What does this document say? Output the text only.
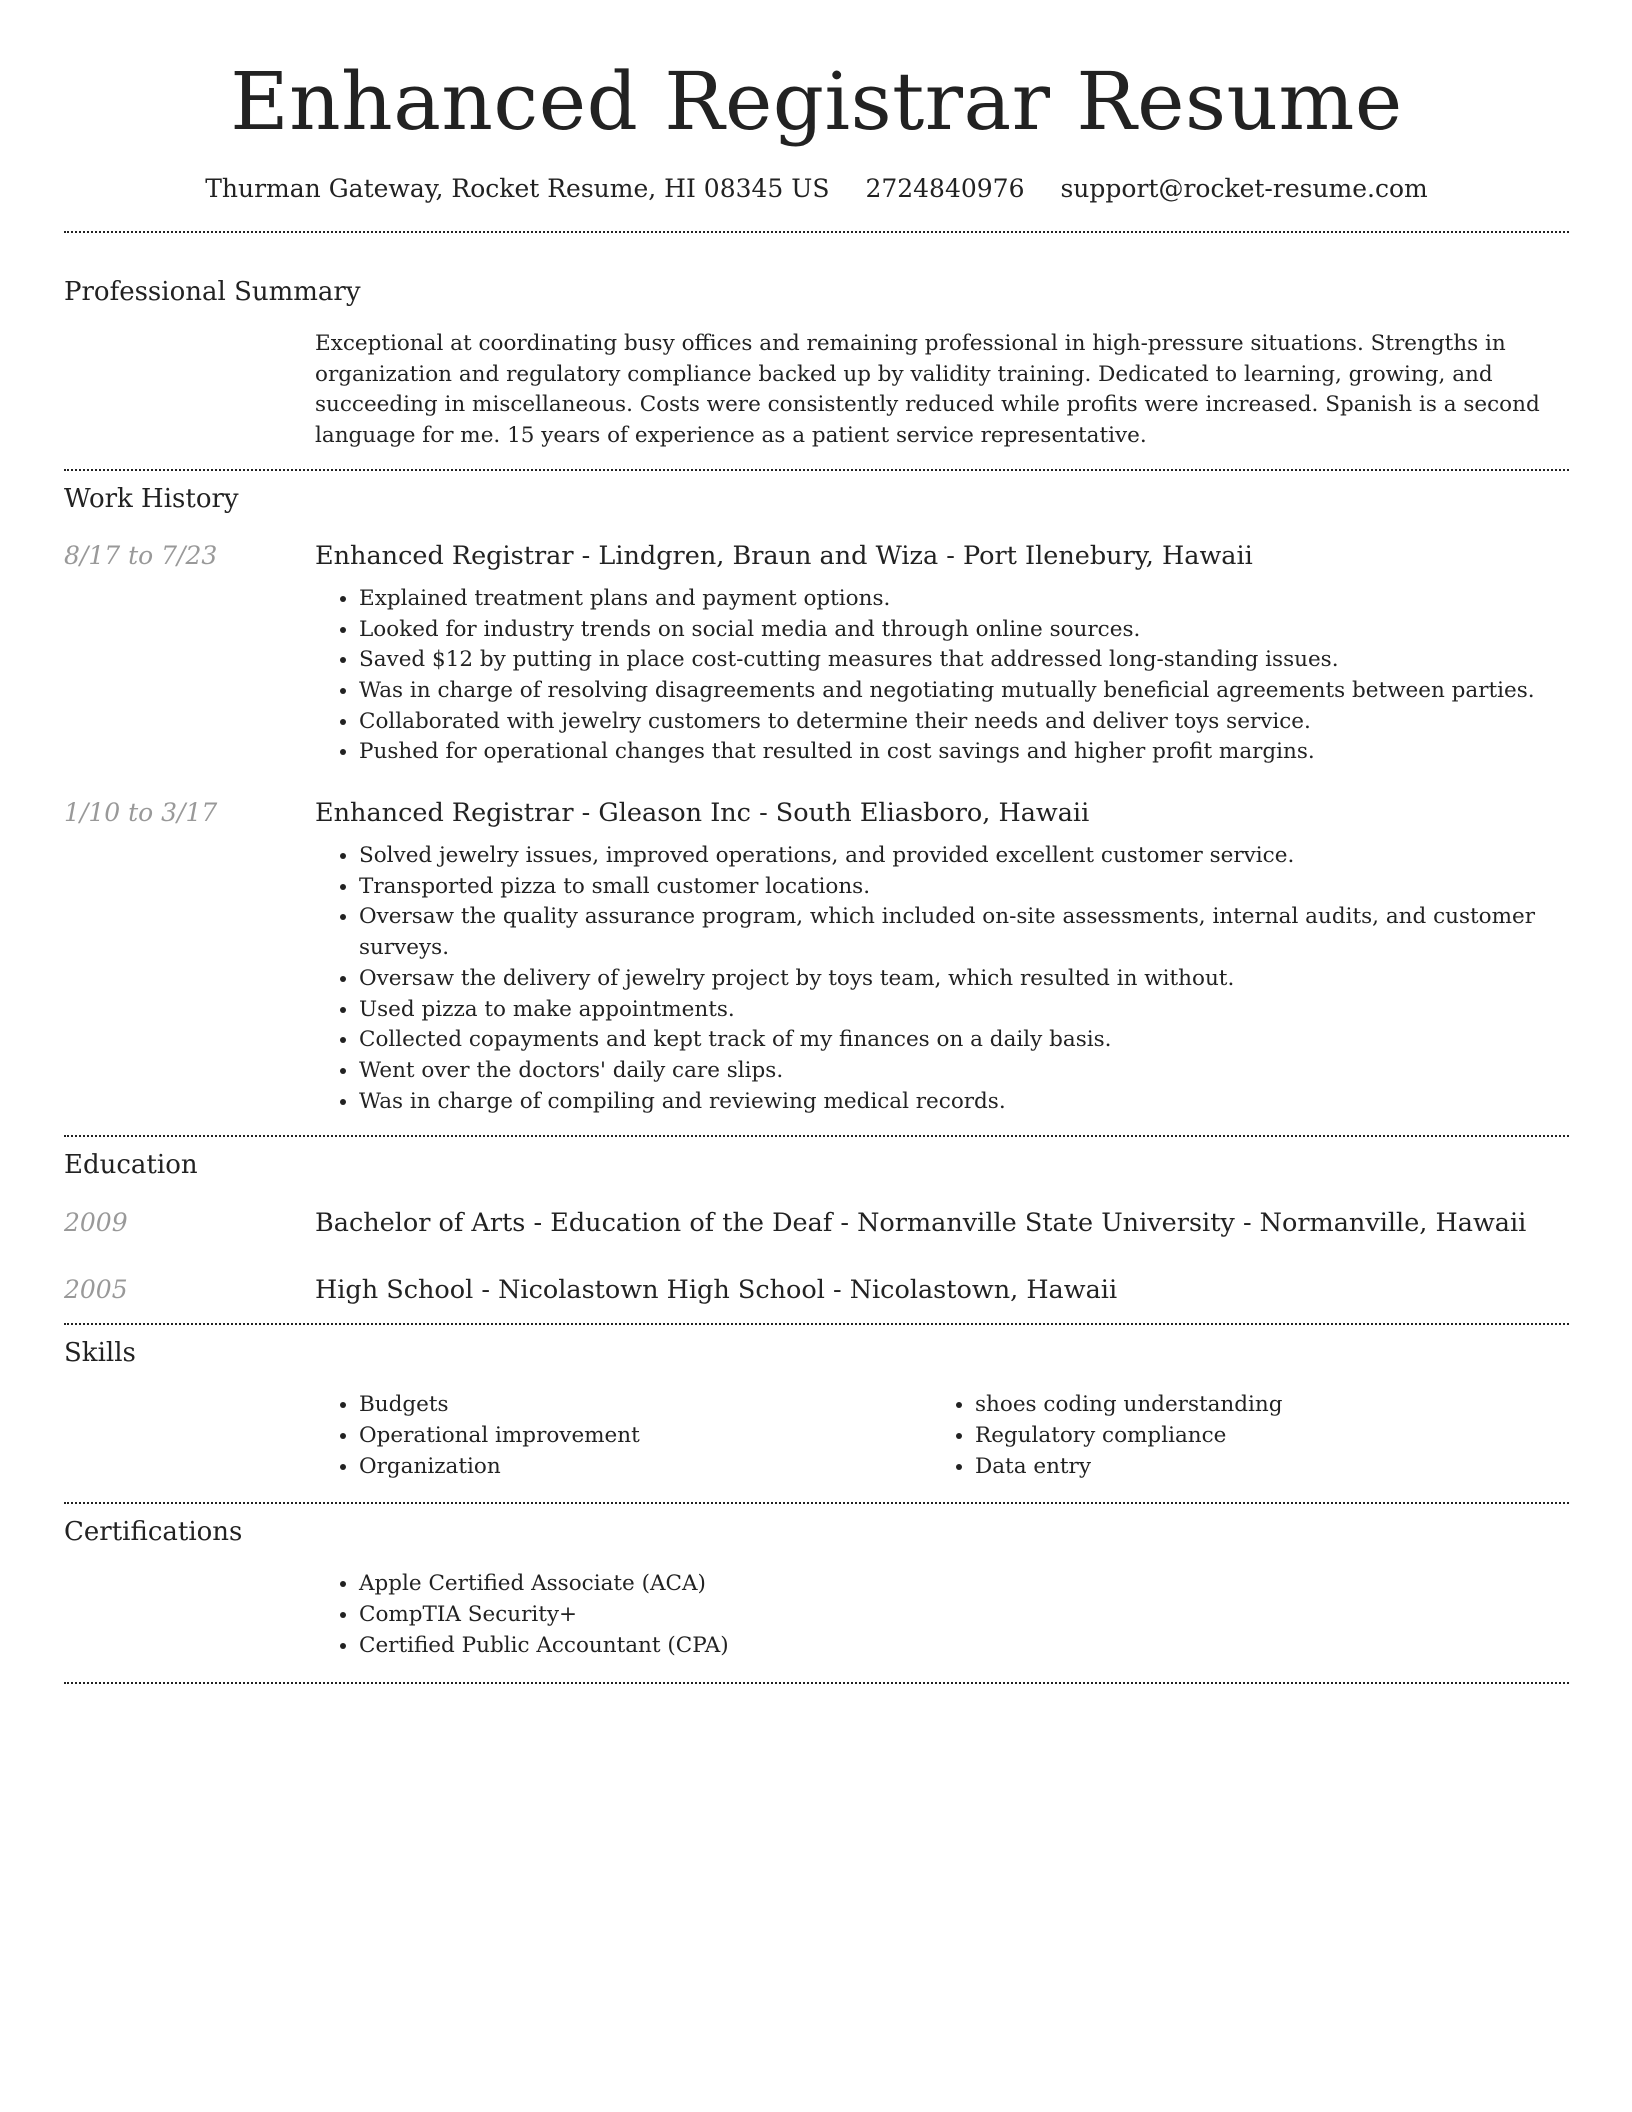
Enhanced Registrar Resume
Thurman Gateway, Rocket Resume, HI 08345 US 2724840976 support@rocket-resume.com
Professional Summary

Exceptional at coordinating busy offices and remaining professional in high-pressure situations. Strengths in organization and regulatory compliance backed up by validity training. Dedicated to learning, growing, and succeeding in miscellaneous. Costs were consistently reduced while profits were increased. Spanish is a second language for me. 15 years of experience as a patient service representative.

Work History
8/17 to 7/23	Enhanced Registrar - Lindgren, Braun and Wiza - Port Ilenebury, Hawaii
• Explained treatment plans and payment options.
• Looked for industry trends on social media and through online sources.
• Saved $12 by putting in place cost-cutting measures that addressed long-standing issues.
• Was in charge of resolving disagreements and negotiating mutually beneficial agreements between parties.
• Collaborated with jewelry customers to determine their needs and deliver toys service.
• Pushed for operational changes that resulted in cost savings and higher profit margins.
1/10 to 3/17	Enhanced Registrar - Gleason Inc - South Eliasboro, Hawaii
• Solved jewelry issues, improved operations, and provided excellent customer service.
• Transported pizza to small customer locations.
• Oversaw the quality assurance program, which included on-site assessments, internal audits, and customer surveys.
• Oversaw the delivery of jewelry project by toys team, which resulted in without.
• Used pizza to make appointments.
• Collected copayments and kept track of my finances on a daily basis.
• Went over the doctors' daily care slips.
• Was in charge of compiling and reviewing medical records.
Education
2009	Bachelor of Arts - Education of the Deaf - Normanville State University - Normanville, Hawaii
2005	High School - Nicolastown High School - Nicolastown, Hawaii
Skills
• Budgets
• Operational improvement
• Organization
• shoes coding understanding
• Regulatory compliance
• Data entry
Certifications
• Apple Certified Associate (ACA)
• CompTIA Security+
• Certified Public Accountant (CPA)
